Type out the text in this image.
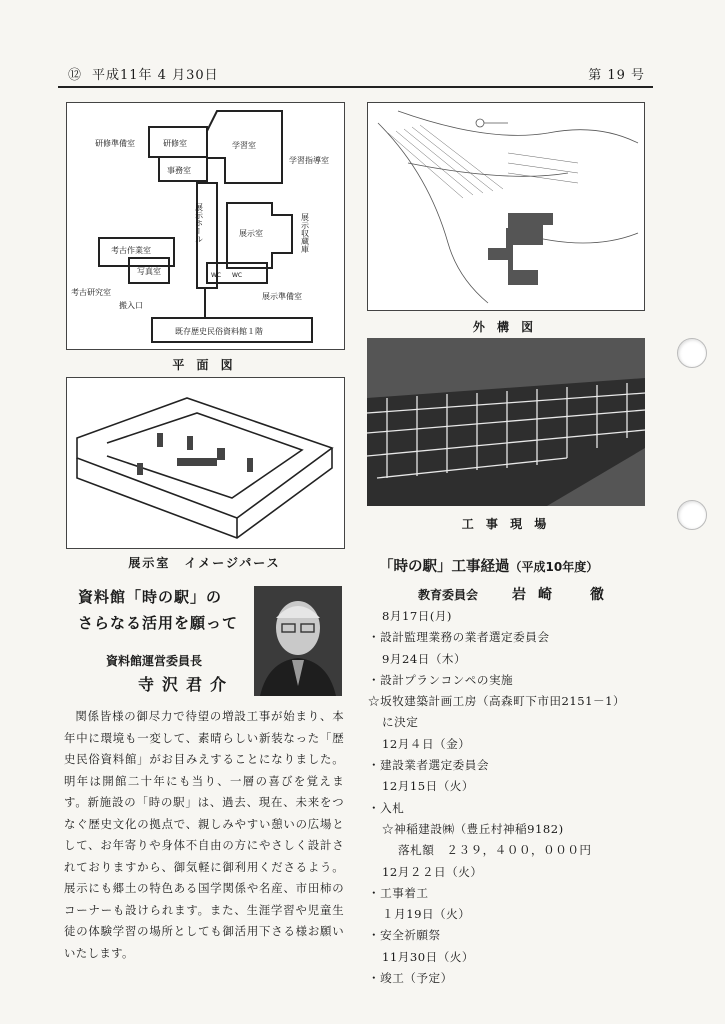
⑫ 平成11年 4 月30日	第 19 号
研修準備室	研修室	学習室
事務室
学習指導室
展示ホール	展示室	展示収蔵庫
考古作業室
写真室
考古研究室
搬入口
展示準備室
既存歴史民俗資料館１階
WC WC
平 面 図
外 構 図
展示室　イメージパース
工 事 現 場
資料館「時の駅」の
さらなる活用を願って
資料館運営委員長
寺沢君介

関係皆様の御尽力で待望の増設工事が始まり、本年中に環境も一変して、素晴らしい新装なった「歴史民俗資料館」がお目みえすることになりました。明年は開館二十年にも当り、一層の喜びを覚えます。新施設の「時の駅」は、過去、現在、未来をつなぐ歴史文化の拠点で、親しみやすい憩いの広場として、お年寄りや身体不自由の方にやさしく設計されておりますから、御気軽に御利用くださるよう。展示にも郷土の特色ある国学関係や名産、市田柿のコーナーも設けられます。また、生涯学習や児童生徒の体験学習の場所としても御活用下さる様お願いいたします。

「時の駅」工事経過（平成10年度）
教育委員会 岩崎　徹
8月17日(月)
・設計監理業務の業者選定委員会
9月24日（木）
・設計プランコンペの実施
☆坂牧建築計画工房（高森町下市田2151－1）
に決定
12月４日（金）
・建設業者選定委員会
12月15日（火）
・入札
☆神稲建設㈱（豊丘村神稲9182)
落札額　２３９，４００，０００円
12月２２日（火）
・工事着工
１月19日（火）
・安全祈願祭
11月30日（火）
・竣工（予定）
